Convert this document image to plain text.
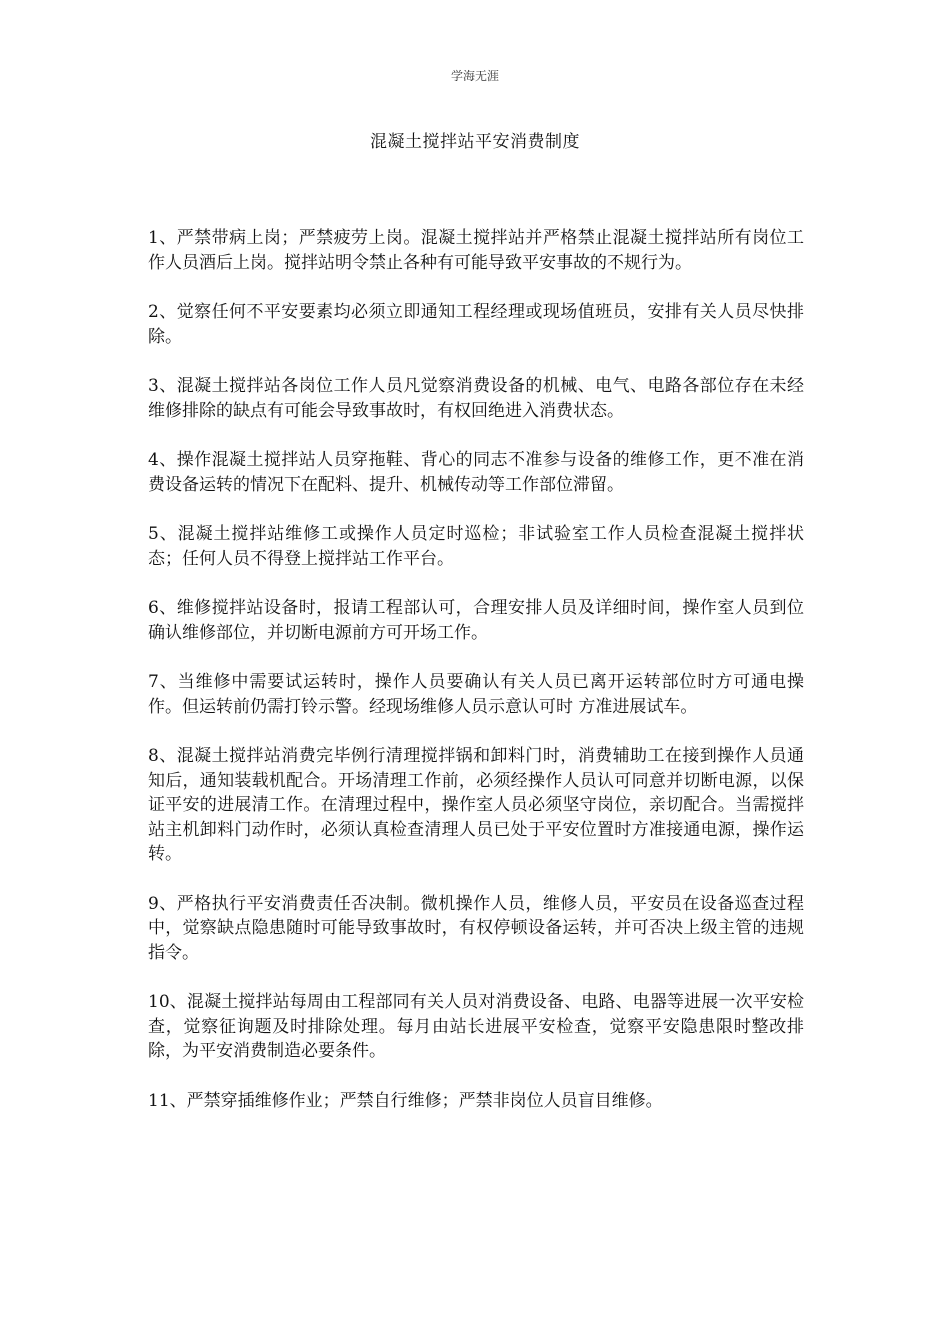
学海无涯
混凝土搅拌站平安消费制度

1、严禁带病上岗；严禁疲劳上岗。混凝土搅拌站并严格禁止混凝土搅拌站所有岗位工作人员酒后上岗。搅拌站明令禁止各种有可能导致平安事故的不规行为。

2、觉察任何不平安要素均必须立即通知工程经理或现场值班员，安排有关人员尽快排除。

3、混凝土搅拌站各岗位工作人员凡觉察消费设备的机械、电气、电路各部位存在未经维修排除的缺点有可能会导致事故时，有权回绝进入消费状态。

4、操作混凝土搅拌站人员穿拖鞋、背心的同志不准参与设备的维修工作，更不准在消费设备运转的情况下在配料、提升、机械传动等工作部位滞留。

5、混凝土搅拌站维修工或操作人员定时巡检；非试验室工作人员检查混凝土搅拌状态；任何人员不得登上搅拌站工作平台。

6、维修搅拌站设备时，报请工程部认可，合理安排人员及详细时间，操作室人员到位确认维修部位，并切断电源前方可开场工作。

7、当维修中需要试运转时，操作人员要确认有关人员已离开运转部位时方可通电操作。但运转前仍需打铃示警。经现场维修人员示意认可时 方准进展试车。

8、混凝土搅拌站消费完毕例行清理搅拌锅和卸料门时，消费辅助工在接到操作人员通知后，通知装载机配合。开场清理工作前，必须经操作人员认可同意并切断电源，以保证平安的进展清工作。在清理过程中，操作室人员必须坚守岗位，亲切配合。当需搅拌站主机卸料门动作时，必须认真检查清理人员已处于平安位置时方准接通电源，操作运转。

9、严格执行平安消费责任否决制。微机操作人员，维修人员，平安员在设备巡查过程中，觉察缺点隐患随时可能导致事故时，有权停顿设备运转，并可否决上级主管的违规指令。

10、混凝土搅拌站每周由工程部同有关人员对消费设备、电路、电器等进展一次平安检查，觉察征询题及时排除处理。每月由站长进展平安检查，觉察平安隐患限时整改排除，为平安消费制造必要条件。

11、严禁穿插维修作业；严禁自行维修；严禁非岗位人员盲目维修。
